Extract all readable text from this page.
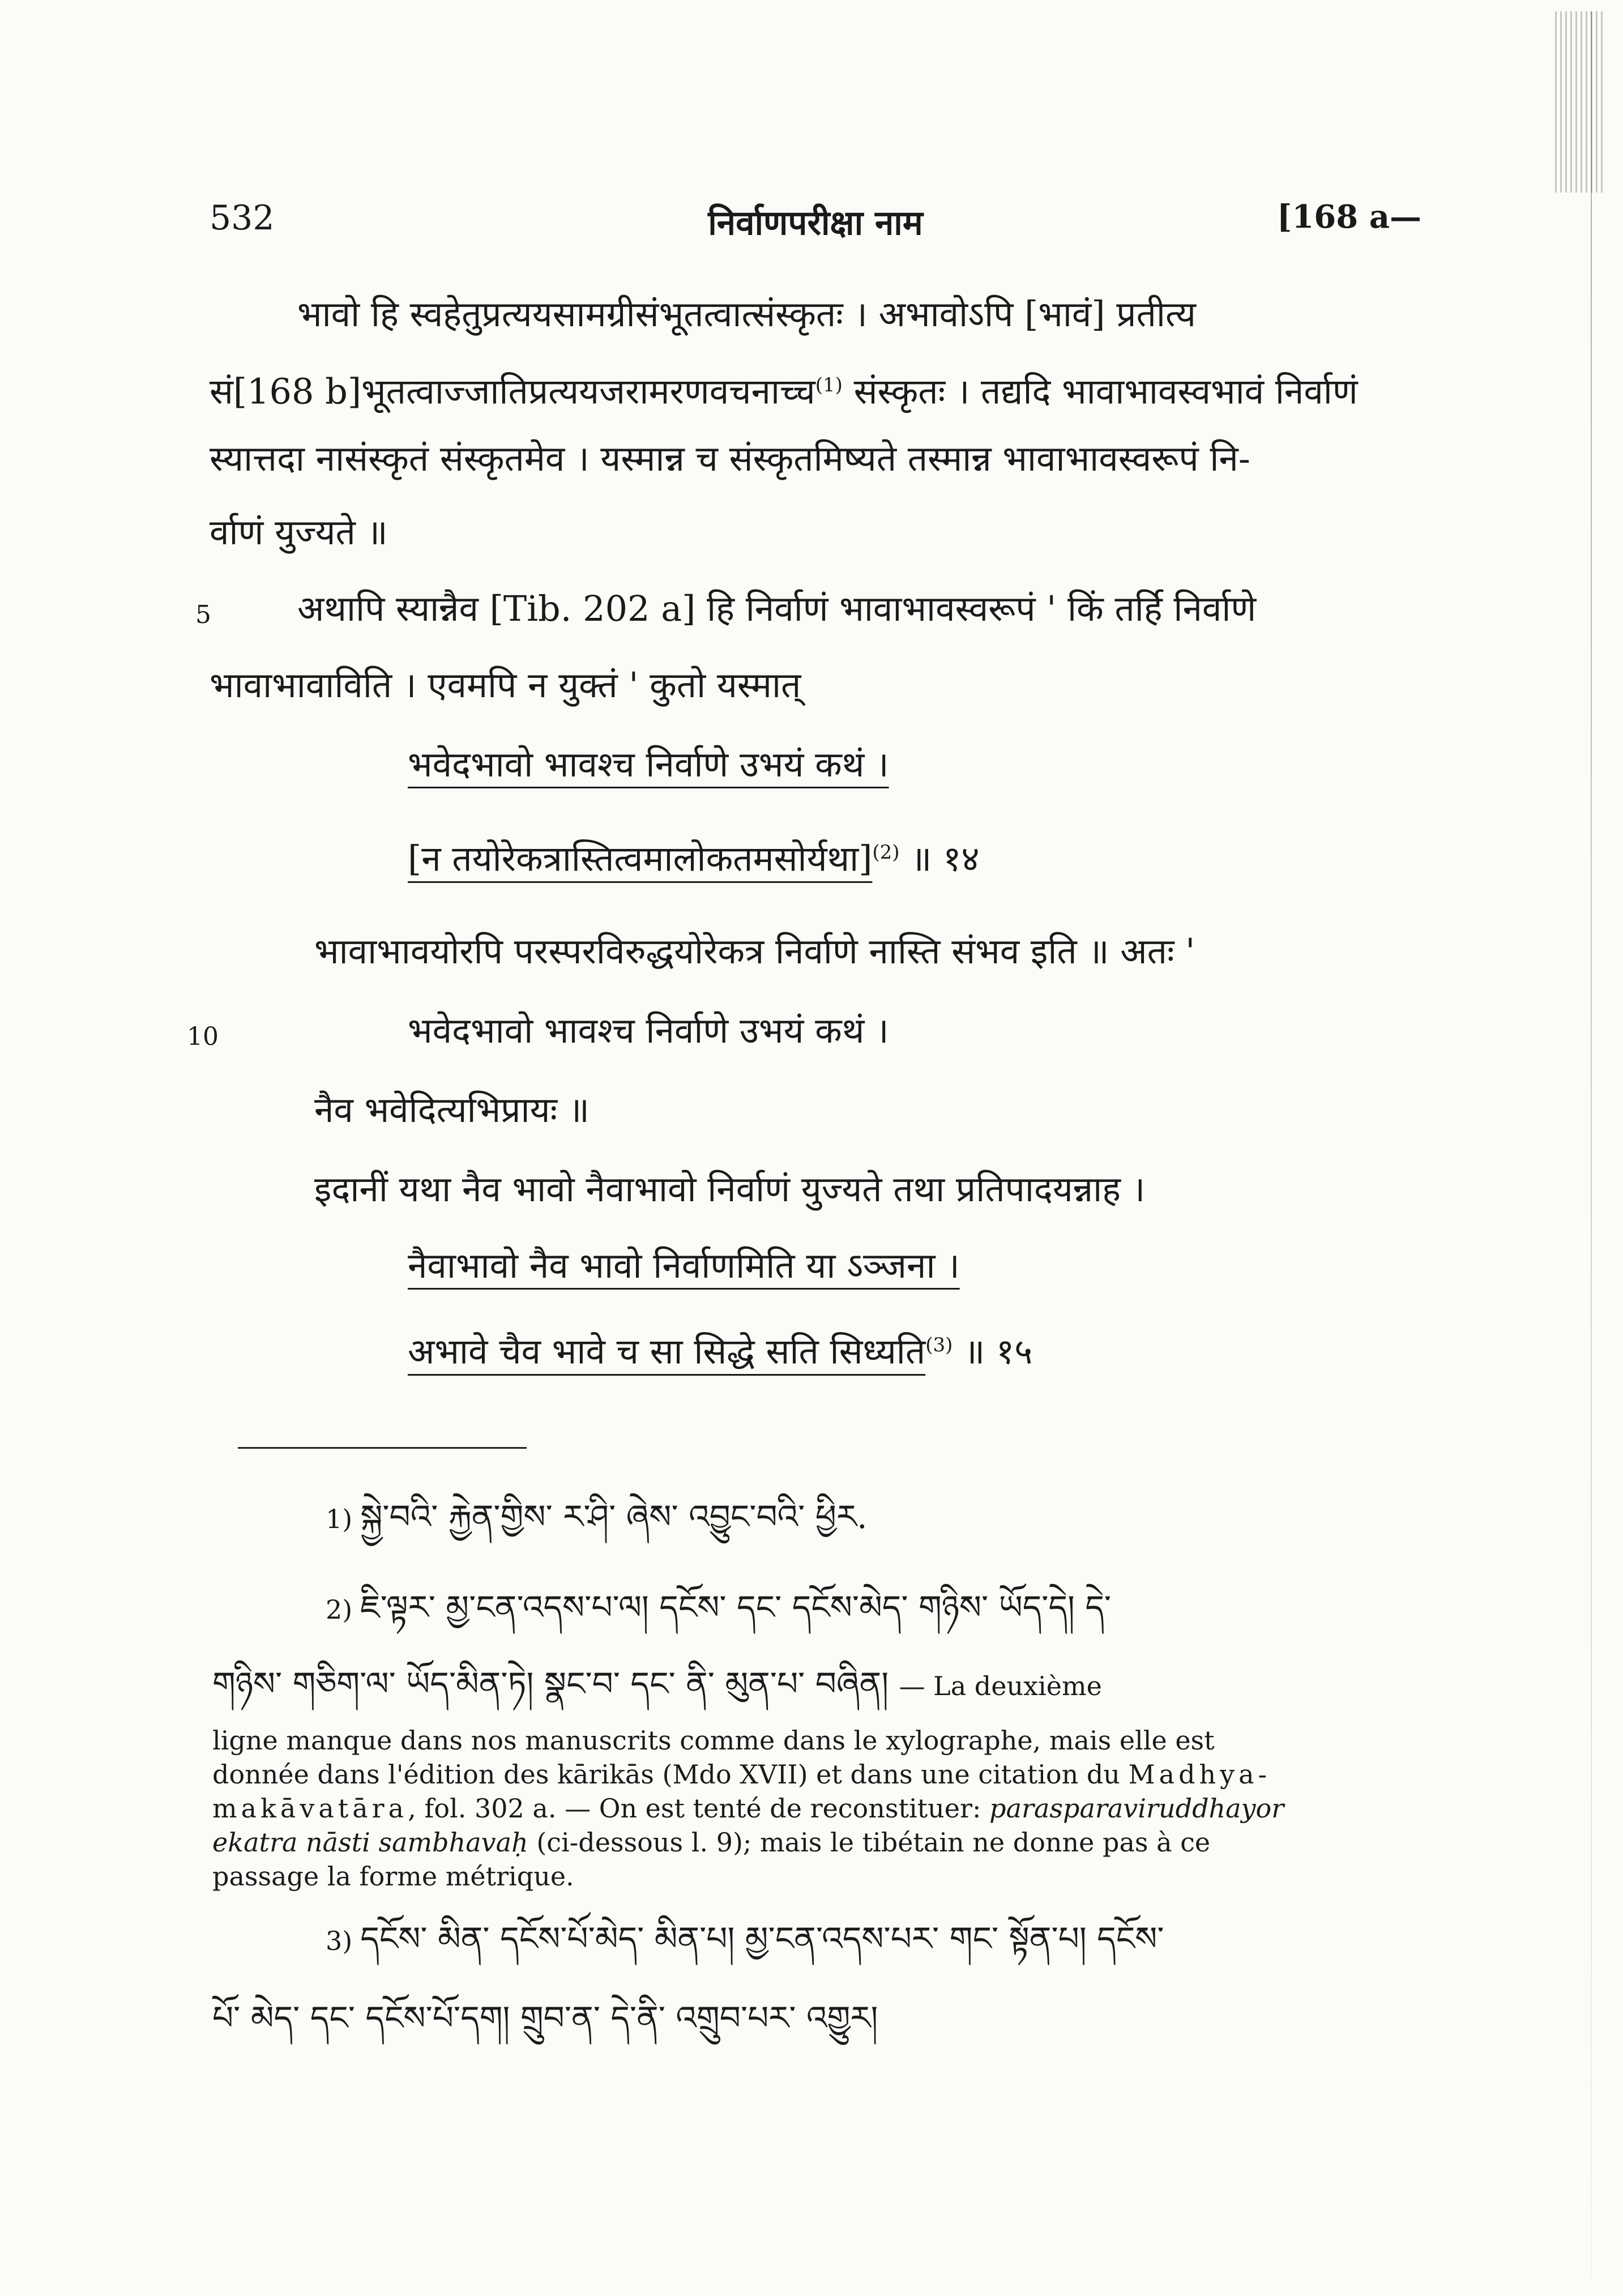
532	निर्वाणपरीक्षा नाम	[168 a—
भावो हि स्वहेतुप्रत्ययसामग्रीसंभूतत्वात्संस्कृतः । अभावोऽपि [भावं] प्रतीत्य
सं[168 b]भूतत्वाज्जातिप्रत्ययजरामरणवचनाच्च$^{(1)}$ संस्कृतः । तद्यदि भावाभावस्वभावं निर्वाणं
स्यात्तदा नासंस्कृतं संस्कृतमेव । यस्मान्न च संस्कृतमिष्यते तस्मान्न भावाभावस्वरूपं नि-
र्वाणं युज्यते ॥
5 अथापि स्यान्नैव [Tib. 202 a] हि निर्वाणं भावाभावस्वरूपं ' किं तर्हि निर्वाणे
भावाभावाविति । एवमपि न युक्तं ' कुतो यस्मात्
भवेदभावो भावश्च निर्वाणे उभयं कथं ।
[न तयोरेकत्रास्तित्वमालोकतमसोर्यथा]$^{(2)}$ ॥ १४
भावाभावयोरपि परस्परविरुद्धयोरेकत्र निर्वाणे नास्ति संभव इति ॥ अतः '
10	भवेदभावो भावश्च निर्वाणे उभयं कथं ।
नैव भवेदित्यभिप्रायः ॥
इदानीं यथा नैव भावो नैवाभावो निर्वाणं युज्यते तथा प्रतिपादयन्नाह ।
नैवाभावो नैव भावो निर्वाणमिति या ऽञ्जना ।
अभावे चैव भावे च सा सिद्धे सति सिध्यति$^{(3)}$ ॥ १५
1) སྐྱེ་བའི་ རྐྱེན་གྱིས་ ར་ཤི་ ཞེས་ འབྱུང་བའི་ ཕྱིར.
2) ཇི་ལྟར་ མྱ་ངན་འདས་པ་ལ། དངོས་ དང་ དངོས་མེད་ གཉིས་ ཡོད་དེ། དེ་
གཉིས་ གཅིག་ལ་ ཡོད་མིན་ཏེ། སྣང་བ་ དང་ ནི་ མུན་པ་ བཞིན། — La deuxième
ligne manque dans nos manuscrits comme dans le xylographe, mais elle est
donnée dans l'édition des kārikās (Mdo XVII) et dans une citation du Madhya-
makāvatāra, fol. 302 a. — On est tenté de reconstituer: parasparaviruddhayor
ekatra nāsti sambhavaḥ (ci-dessous l. 9); mais le tibétain ne donne pas à ce
passage la forme métrique.
3) དངོས་ མིན་ དངོས་པོ་མེད་ མིན་པ། མྱ་ངན་འདས་པར་ གང་ སྟོན་པ། དངོས་
པོ་ མེད་ དང་ དངོས་པོ་དག། གྲུབ་ན་ དེ་ནི་ འགྲུབ་པར་ འགྱུར།
